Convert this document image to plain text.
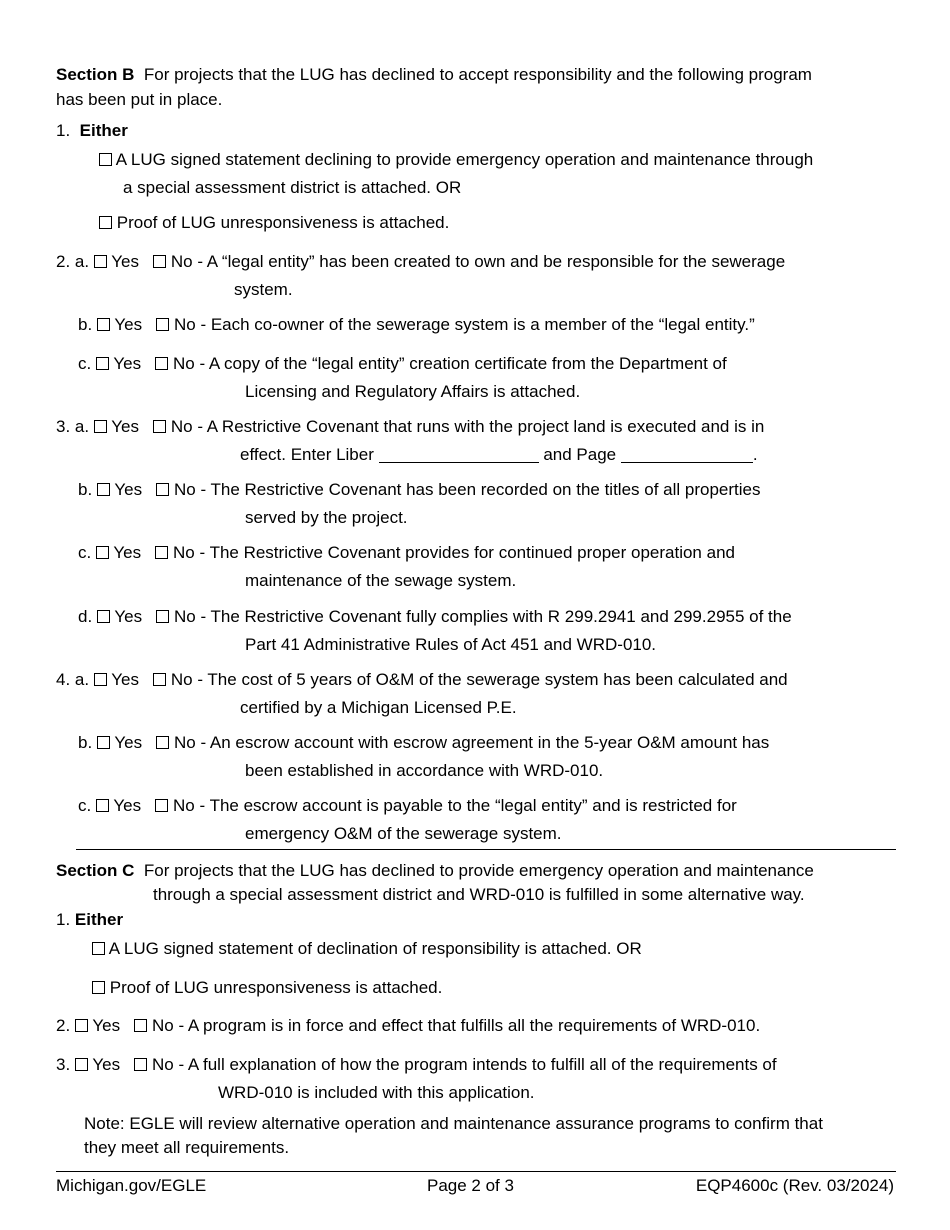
Section B For projects that the LUG has declined to accept responsibility and the following program
has been put in place.
1. Either
A LUG signed statement declining to provide emergency operation and maintenance through
a special assessment district is attached. OR
Proof of LUG unresponsiveness is attached.
2. a. Yes No - A “legal entity” has been created to own and be responsible for the sewerage
system.
b. Yes No - Each co-owner of the sewerage system is a member of the “legal entity.”
c. Yes No - A copy of the “legal entity” creation certificate from the Department of
Licensing and Regulatory Affairs is attached.
3. a. Yes No - A Restrictive Covenant that runs with the project land is executed and is in
effect. Enter Liber	and Page	.
b. Yes No - The Restrictive Covenant has been recorded on the titles of all properties
served by the project.
c. Yes No - The Restrictive Covenant provides for continued proper operation and
maintenance of the sewage system.
d. Yes No - The Restrictive Covenant fully complies with R 299.2941 and 299.2955 of the
Part 41 Administrative Rules of Act 451 and WRD-010.
4. a. Yes No - The cost of 5 years of O&M of the sewerage system has been calculated and
certified by a Michigan Licensed P.E.
b. Yes No - An escrow account with escrow agreement in the 5-year O&M amount has
been established in accordance with WRD-010.
c. Yes No - The escrow account is payable to the “legal entity” and is restricted for
emergency O&M of the sewerage system.
Section C For projects that the LUG has declined to provide emergency operation and maintenance
through a special assessment district and WRD-010 is fulfilled in some alternative way.
1. Either
A LUG signed statement of declination of responsibility is attached. OR
Proof of LUG unresponsiveness is attached.
2. Yes No - A program is in force and effect that fulfills all the requirements of WRD-010.
3. Yes No - A full explanation of how the program intends to fulfill all of the requirements of
WRD-010 is included with this application.
Note: EGLE will review alternative operation and maintenance assurance programs to confirm that
they meet all requirements.
Michigan.gov/EGLE	Page 2 of 3	EQP4600c (Rev. 03/2024)
